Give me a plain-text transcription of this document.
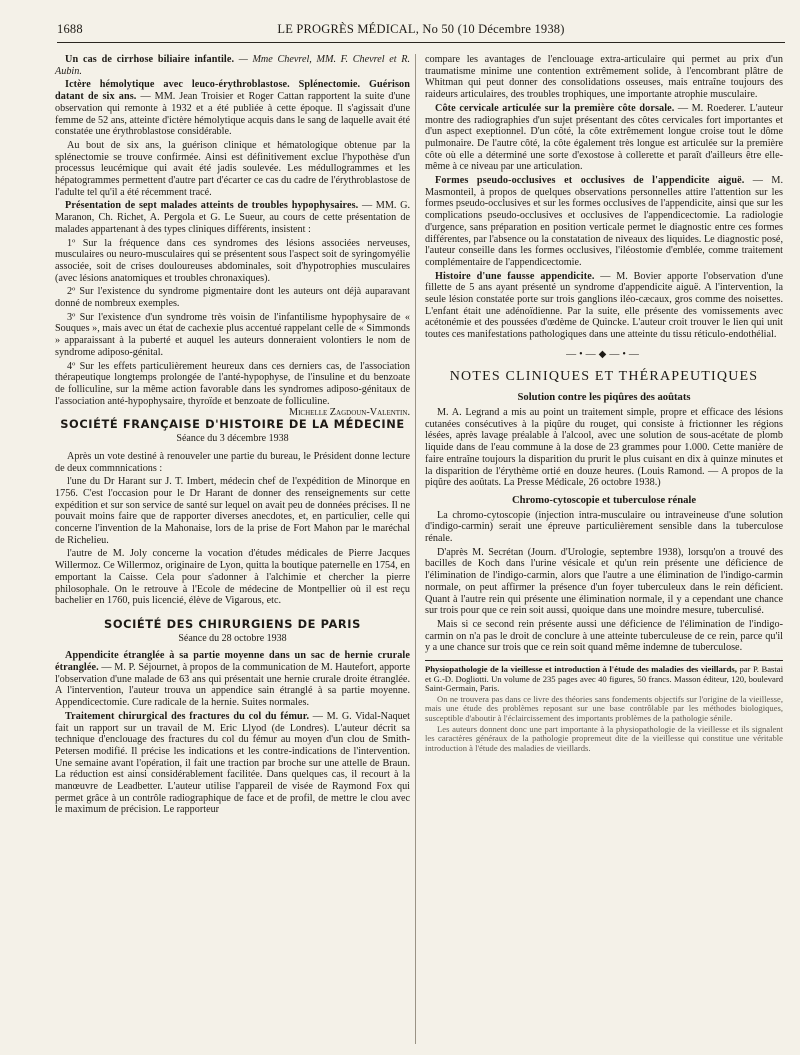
1688	LE PROGRÈS MÉDICAL, No 50 (10 Décembre 1938)

Un cas de cirrhose biliaire infantile. — Mme Chevrel, MM. F. Chevrel et R. Aubin.

Ictère hémolytique avec leuco-érythroblastose. Splénectomie. Guérison datant de six ans. — MM. Jean Troisier et Roger Cattan rapportent la suite d'une observation qui remonte à 1932 et a été publiée à cette époque. Il s'agissait d'une femme de 52 ans, atteinte d'ictère hémolytique acquis dans le sang de laquelle avait été constatée une érythroblastose considérable.

Au bout de six ans, la guérison clinique et hématologique obtenue par la splénectomie se trouve confirmée. Ainsi est définitivement exclue l'hypothèse d'un processus leucémique qui avait été jadis soulevée. Les médullogrammes et les hépatogrammes permettent d'autre part d'écarter ce cas du cadre de l'érythroblastose de l'adulte tel qu'il a été récemment tracé.

Présentation de sept malades atteints de troubles hypophysaires. — MM. G. Maranon, Ch. Richet, A. Pergola et G. Le Sueur, au cours de cette présentation de malades appartenant à des types cliniques différents, insistent :

1º Sur la fréquence dans ces syndromes des lésions associées nerveuses, musculaires ou neuro-musculaires qui se présentent sous l'aspect soit de syringomyélie associée, soit de crises douloureuses abdominales, soit d'hypotrophies musculaires (avec lésions anatomiques et troubles chronaxiques).

2º Sur l'existence du syndrome pigmentaire dont les auteurs ont déjà auparavant donné de nombreux exemples.

3º Sur l'existence d'un syndrome très voisin de l'infantilisme hypophysaire de « Souques », mais avec un état de cachexie plus accentué rappelant celle de « Simmonds » apparaissant à la puberté et auquel les auteurs donneraient volontiers le nom de syndrome adiposo-génital.

4º Sur les effets particulièrement heureux dans ces derniers cas, de l'association thérapeutique longtemps prolongée de l'anté-hypophyse, de l'insuline et du benzoate de folliculine, sur la même action favorable dans les syndromes adiposo-génitaux de l'association anté-hypophysaire, thyroïde et benzoate de folliculine.
Michelle Zagdoun-Valentin.

SOCIÉTÉ FRANÇAISE D'HISTOIRE DE LA MÉDECINE
Séance du 3 décembre 1938

Après un vote destiné à renouveler une partie du bureau, le Président donne lecture de deux commnnications :

l'une du Dr Harant sur J. T. Imbert, médecin chef de l'expédition de Minorque en 1756. C'est l'occasion pour le Dr Harant de donner des renseignements sur cette expédition et sur son service de santé sur lequel on avait peu de données précises. Il ne pouvait moins faire que de rapporter diverses anecdotes, et, en particulier, celle qui concerne l'invention de la Mahonaise, lors de la prise de Fort Mahon par le maréchal de Richelieu.

l'autre de M. Joly concerne la vocation d'études médicales de Pierre Jacques Willermoz. Ce Willermoz, originaire de Lyon, quitta la boutique paternelle en 1754, en emportant la Caisse. Cela pour s'adonner à l'alchimie et chercher la pierre philosophale. On le retrouve à l'Ecole de médecine de Montpellier où il est reçu bachelier en 1760, puis licencié, élève de Vigarous, etc.

SOCIÉTÉ DES CHIRURGIENS DE PARIS
Séance du 28 octobre 1938

Appendicite étranglée à sa partie moyenne dans un sac de hernie crurale étranglée. — M. P. Séjournet, à propos de la communication de M. Hautefort, apporte l'observation d'une malade de 63 ans qui présentait une hernie crurale droite étranglée. A l'intervention, l'auteur trouva un appendice sain étranglé à sa partie moyenne. Appendicectomie. Cure radicale de la hernie. Suites normales.

Traitement chirurgical des fractures du col du fémur. — M. G. Vidal-Naquet fait un rapport sur un travail de M. Eric Llyod (de Londres). L'auteur décrit sa technique d'enclouage des fractures du col du fémur au moyen d'un clou de Smith-Petersen modifié. Il précise les indications et les contre-indications de l'intervention. Une semaine avant l'opération, il fait une traction par broche sur une attelle de Braun. La réduction est ainsi considérablement facilitée. Dans quelques cas, il recourt à la manœuvre de Leadbetter. L'auteur utilise l'appareil de visée de Raymond Fox qui permet grâce à un contrôle radiographique de face et de profil, de mettre le clou avec le maximum de précision. Le rapporteur

compare les avantages de l'enclouage extra-articulaire qui permet au prix d'un traumatisme minime une contention extrêmement solide, à l'encombrant plâtre de Whitman qui peut donner des consolidations osseuses, mais entraîne toujours des raideurs articulaires, des troubles trophiques, une importante atrophie musculaire.

Côte cervicale articulée sur la première côte dorsale. — M. Roederer. L'auteur montre des radiographies d'un sujet présentant des côtes cervicales fort importantes et d'un aspect exeptionnel. D'un côté, la côte extrêmement longue croise tout le dôme pulmonaire. De l'autre côté, la côte également très longue est articulée sur la première côte où elle a déterminé une sorte d'exostose à collerette et paraît d'ailleurs être elle-même à ce niveau par une articulation.

Formes pseudo-occlusives et occlusives de l'appendicite aiguë. — M. Masmonteil, à propos de quelques observations personnelles attire l'attention sur les formes pseudo-occlusives et sur les formes occlusives de l'appendicite, ainsi que sur les complications pseudo-occlusives et occlusives de l'appendicectomie. La radiologie d'urgence, sans préparation en position verticale permet le diagnostic entre ces formes différentes, par l'absence ou la constatation de niveaux des liquides. Le diagnostic posé, l'auteur conseille dans les formes occlusives, l'iléostomie d'emblée, comme traitement complémentaire de l'appendicectomie.

Histoire d'une fausse appendicite. — M. Bovier apporte l'observation d'une fillette de 5 ans ayant présenté un syndrome d'appendicite aiguë. A l'intervention, la seule lésion constatée porte sur trois ganglions iléo-cæcaux, gros comme des noisettes. L'enfant était une adénoïdienne. Par la suite, elle présente des vomissements avec acétonémie et des poussées d'œdème de Quincke. L'auteur croit trouver le lien qui unit toutes ces manifestations pathologiques dans une atteinte du tissu réticulo-endothélial.

—•—◆—•—
NOTES CLINIQUES ET THÉRAPEUTIQUES
Solution contre les piqûres des aoûtats

M. A. Legrand a mis au point un traitement simple, propre et efficace des lésions cutanées consécutives à la piqûre du rouget, qui consiste à frictionner les régions lésées, après lavage préalable à l'alcool, avec une solution de sous-acétate de plomb liquide dans de l'eau commune à la dose de 23 grammes pour 1.000. Cette manière de faire entraîne toujours la disparition du prurit le plus cuisant en dix à quinze minutes et la disparition de l'érythème ortié en douze heures. (Louis Ramond. — A propos de la piqûre des aoûtats. La Presse Médicale, 26 octobre 1938.)

Chromo-cytoscopie et tuberculose rénale

La chromo-cytoscopie (injection intra-musculaire ou intraveineuse d'une solution d'indigo-carmin) serait une épreuve particulièrement sensible dans la tuberculose rénale.

D'après M. Secrétan (Journ. d'Urologie, septembre 1938), lorsqu'on a trouvé des bacilles de Koch dans l'urine vésicale et qu'un rein présente une déficience de l'élimination de l'indigo-carmin, alors que l'autre a une élimination de l'indigo-carmin normale, on peut affirmer la présence d'un foyer tuberculeux dans le rein déficient. Quant à l'autre rein qui présente une élimination normale, il y a cependant une chance sur trois pour que ce rein soit aussi, quoique dans une moindre mesure, tuberculisé.

Mais si ce second rein présente aussi une déficience de l'élimination de l'indigo-carmin on n'a pas le droit de conclure à une atteinte tuberculeuse de ce rein, parce qu'il y a une chance sur trois que ce rein soit quand même indemne de tuberculose.

Physiopathologie de la vieillesse et introduction à l'étude des maladies des vieillards, par P. Bastai et G.-D. Dogliotti. Un volume de 235 pages avec 40 figures, 50 francs. Masson éditeur, 120, boulevard Saint-Germain, Paris.

On ne trouvera pas dans ce livre des théories sans fondements objectifs sur l'origine de la vieillesse, mais une étude des problèmes reposant sur une base contrôlable par les méthodes biologiques, susceptible d'aboutir à l'éclaircissement des importants problèmes de la pathologie sénile.

Les auteurs donnent donc une part importante à la physiopathologie de la vieillesse et ils signalent les caractères généraux de la pathologie propremeut dite de la vieillesse qui constitue une véritable introduction à l'étude des maladies de vieillards.
